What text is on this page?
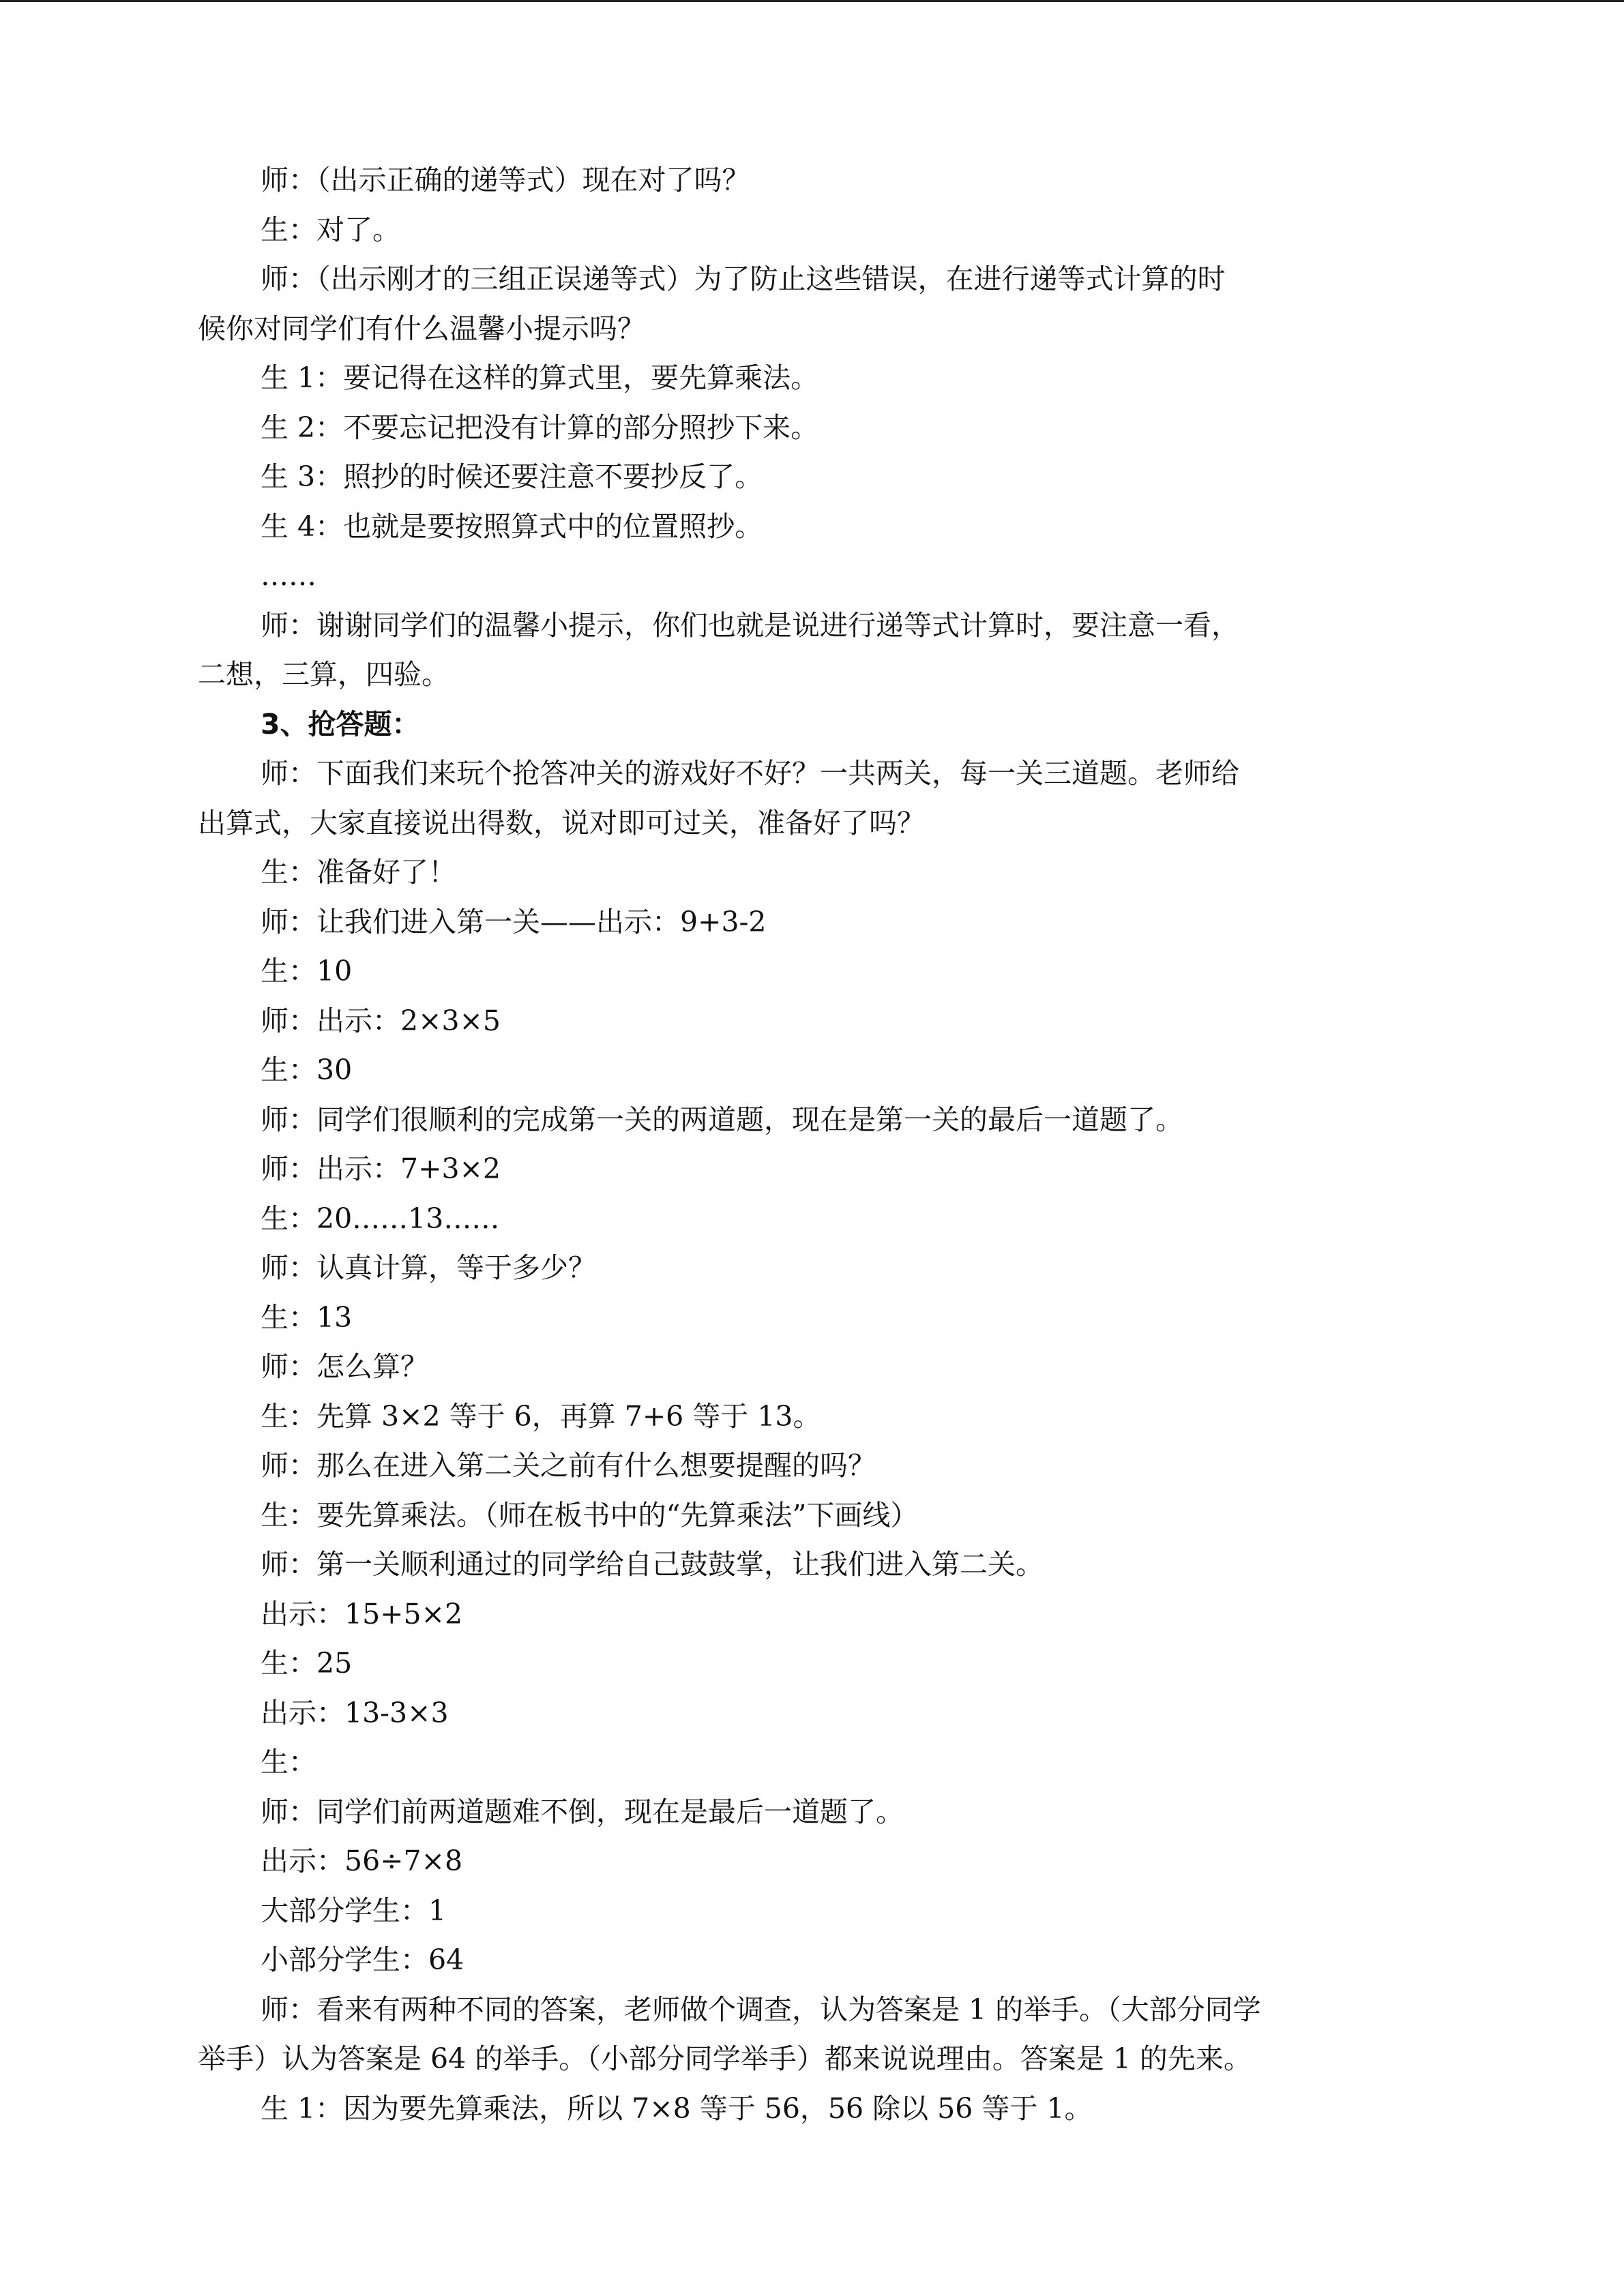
师：（出示正确的递等式）现在对了吗？

生：对了。

师：（出示刚才的三组正误递等式）为了防止这些错误，在进行递等式计算的时

候你对同学们有什么温馨小提示吗？

生 1：要记得在这样的算式里，要先算乘法。

生 2：不要忘记把没有计算的部分照抄下来。

生 3：照抄的时候还要注意不要抄反了。

生 4：也就是要按照算式中的位置照抄。

……

师：谢谢同学们的温馨小提示，你们也就是说进行递等式计算时，要注意一看，

二想，三算，四验。

3、抢答题：

师：下面我们来玩个抢答冲关的游戏好不好？一共两关，每一关三道题。老师给

出算式，大家直接说出得数，说对即可过关，准备好了吗？

生：准备好了！

师：让我们进入第一关——出示：9+3-2

生：10

师：出示：2×3×5

生：30

师：同学们很顺利的完成第一关的两道题，现在是第一关的最后一道题了。

师：出示：7+3×2

生：20……13……

师：认真计算，等于多少？

生：13

师：怎么算？

生：先算 3×2 等于 6，再算 7+6 等于 13。

师：那么在进入第二关之前有什么想要提醒的吗？

生：要先算乘法。（师在板书中的“先算乘法”下画线）

师：第一关顺利通过的同学给自己鼓鼓掌，让我们进入第二关。

出示：15+5×2

生：25

出示：13-3×3

生：

师：同学们前两道题难不倒，现在是最后一道题了。

出示：56÷7×8

大部分学生：1

小部分学生：64

师：看来有两种不同的答案，老师做个调查，认为答案是 1 的举手。（大部分同学

举手）认为答案是 64 的举手。（小部分同学举手）都来说说理由。答案是 1 的先来。

生 1：因为要先算乘法，所以 7×8 等于 56，56 除以 56 等于 1。
